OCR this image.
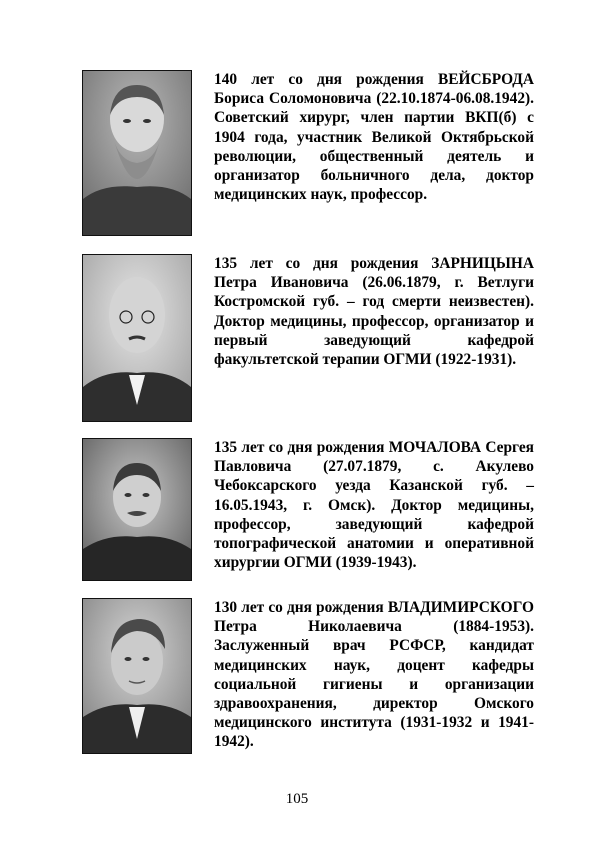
140 лет со дня рождения ВЕЙСБРОДА Бориса Соломоновича (22.10.1874-06.08.1942). Советский хирург, член партии ВКП(б) с 1904 года, участник Великой Октябрьской революции, общественный деятель и организатор больничного дела, доктор медицинских наук, профессор.
135 лет со дня рождения ЗАРНИЦЫНА Петра Ивановича (26.06.1879, г. Ветлуги Костромской губ. – год смерти неизвестен). Доктор медицины, профессор, организатор и первый заведующий кафедрой факультетской терапии ОГМИ (1922-1931).
135 лет со дня рождения МОЧАЛОВА Сергея Павловича (27.07.1879, с. Акулево Чебоксарского уезда Казанской губ. – 16.05.1943, г. Омск). Доктор медицины, профессор, заведующий кафедрой топографической анатомии и оперативной хирургии ОГМИ (1939-1943).
130 лет со дня рождения ВЛАДИМИРСКОГО Петра Николаевича (1884-1953). Заслуженный врач РСФСР, кандидат медицинских наук, доцент кафедры социальной гигиены и организации здравоохранения, директор Омского медицинского института (1931-1932 и 1941-1942).
105
